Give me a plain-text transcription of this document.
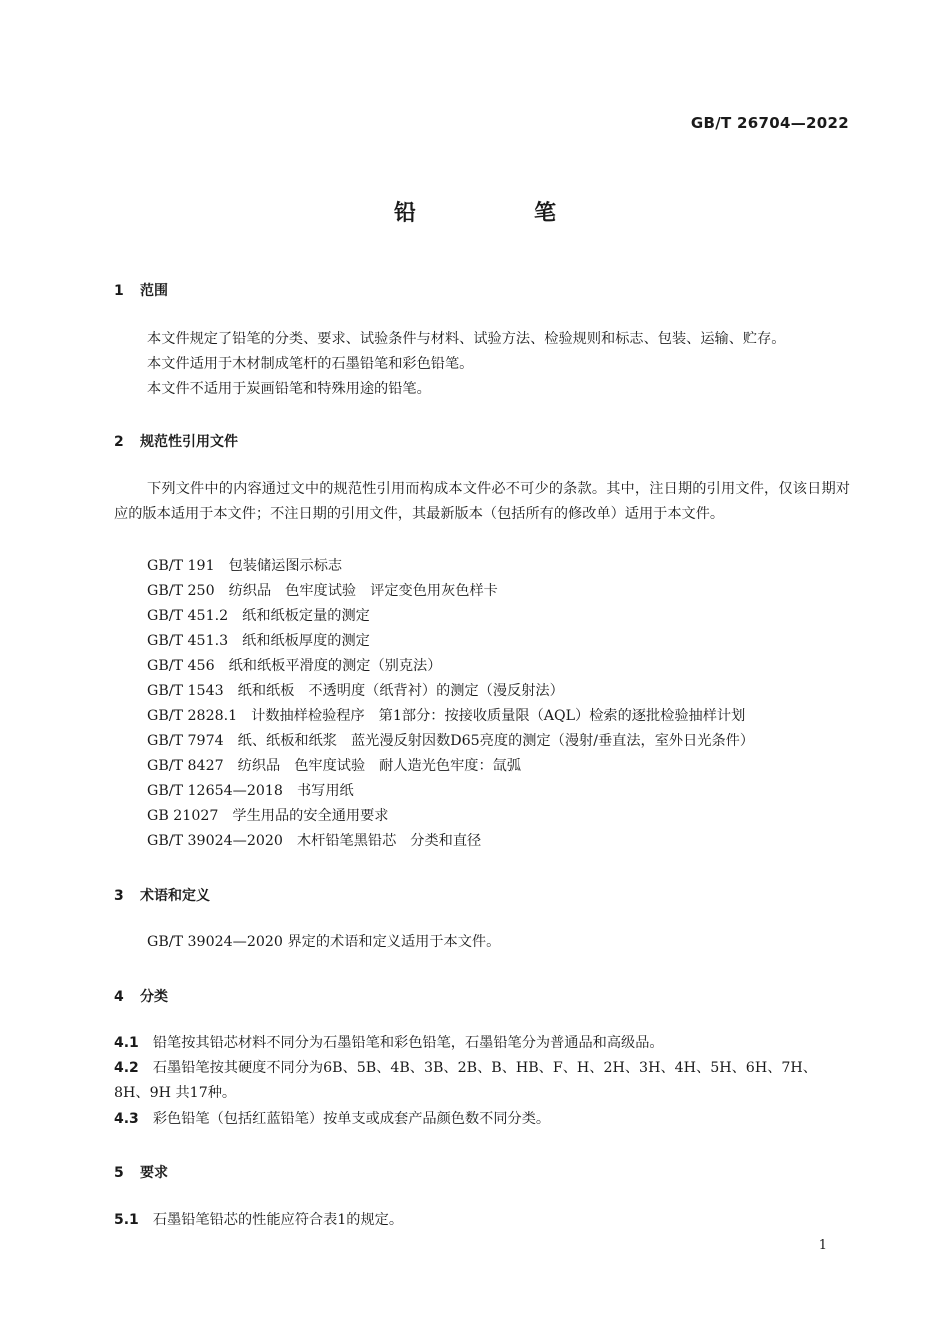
GB/T 26704—2022
铅　笔
1 范围
本文件规定了铅笔的分类、要求、试验条件与材料、试验方法、检验规则和标志、包装、运输、贮存。
本文件适用于木材制成笔杆的石墨铅笔和彩色铅笔。
本文件不适用于炭画铅笔和特殊用途的铅笔。
2 规范性引用文件
下列文件中的内容通过文中的规范性引用而构成本文件必不可少的条款。其中，注日期的引用文件，仅该日期对应的版本适用于本文件；不注日期的引用文件，其最新版本（包括所有的修改单）适用于本文件。
GB/T 191 包装储运图示标志
GB/T 250 纺织品 色牢度试验 评定变色用灰色样卡
GB/T 451.2 纸和纸板定量的测定
GB/T 451.3 纸和纸板厚度的测定
GB/T 456 纸和纸板平滑度的测定（别克法）
GB/T 1543 纸和纸板 不透明度（纸背衬）的测定（漫反射法）
GB/T 2828.1 计数抽样检验程序 第1部分：按接收质量限（AQL）检索的逐批检验抽样计划
GB/T 7974 纸、纸板和纸浆 蓝光漫反射因数D65亮度的测定（漫射/垂直法，室外日光条件）
GB/T 8427 纺织品 色牢度试验 耐人造光色牢度：氙弧
GB/T 12654—2018 书写用纸
GB 21027 学生用品的安全通用要求
GB/T 39024—2020 木杆铅笔黑铅芯 分类和直径
3 术语和定义
GB/T 39024—2020 界定的术语和定义适用于本文件。
4 分类
4.1 铅笔按其铅芯材料不同分为石墨铅笔和彩色铅笔，石墨铅笔分为普通品和高级品。
4.2 石墨铅笔按其硬度不同分为6B、5B、4B、3B、2B、B、HB、F、H、2H、3H、4H、5H、6H、7H、8H、9H 共17种。
4.3 彩色铅笔（包括红蓝铅笔）按单支或成套产品颜色数不同分类。
5 要求
5.1 石墨铅笔铅芯的性能应符合表1的规定。
1
